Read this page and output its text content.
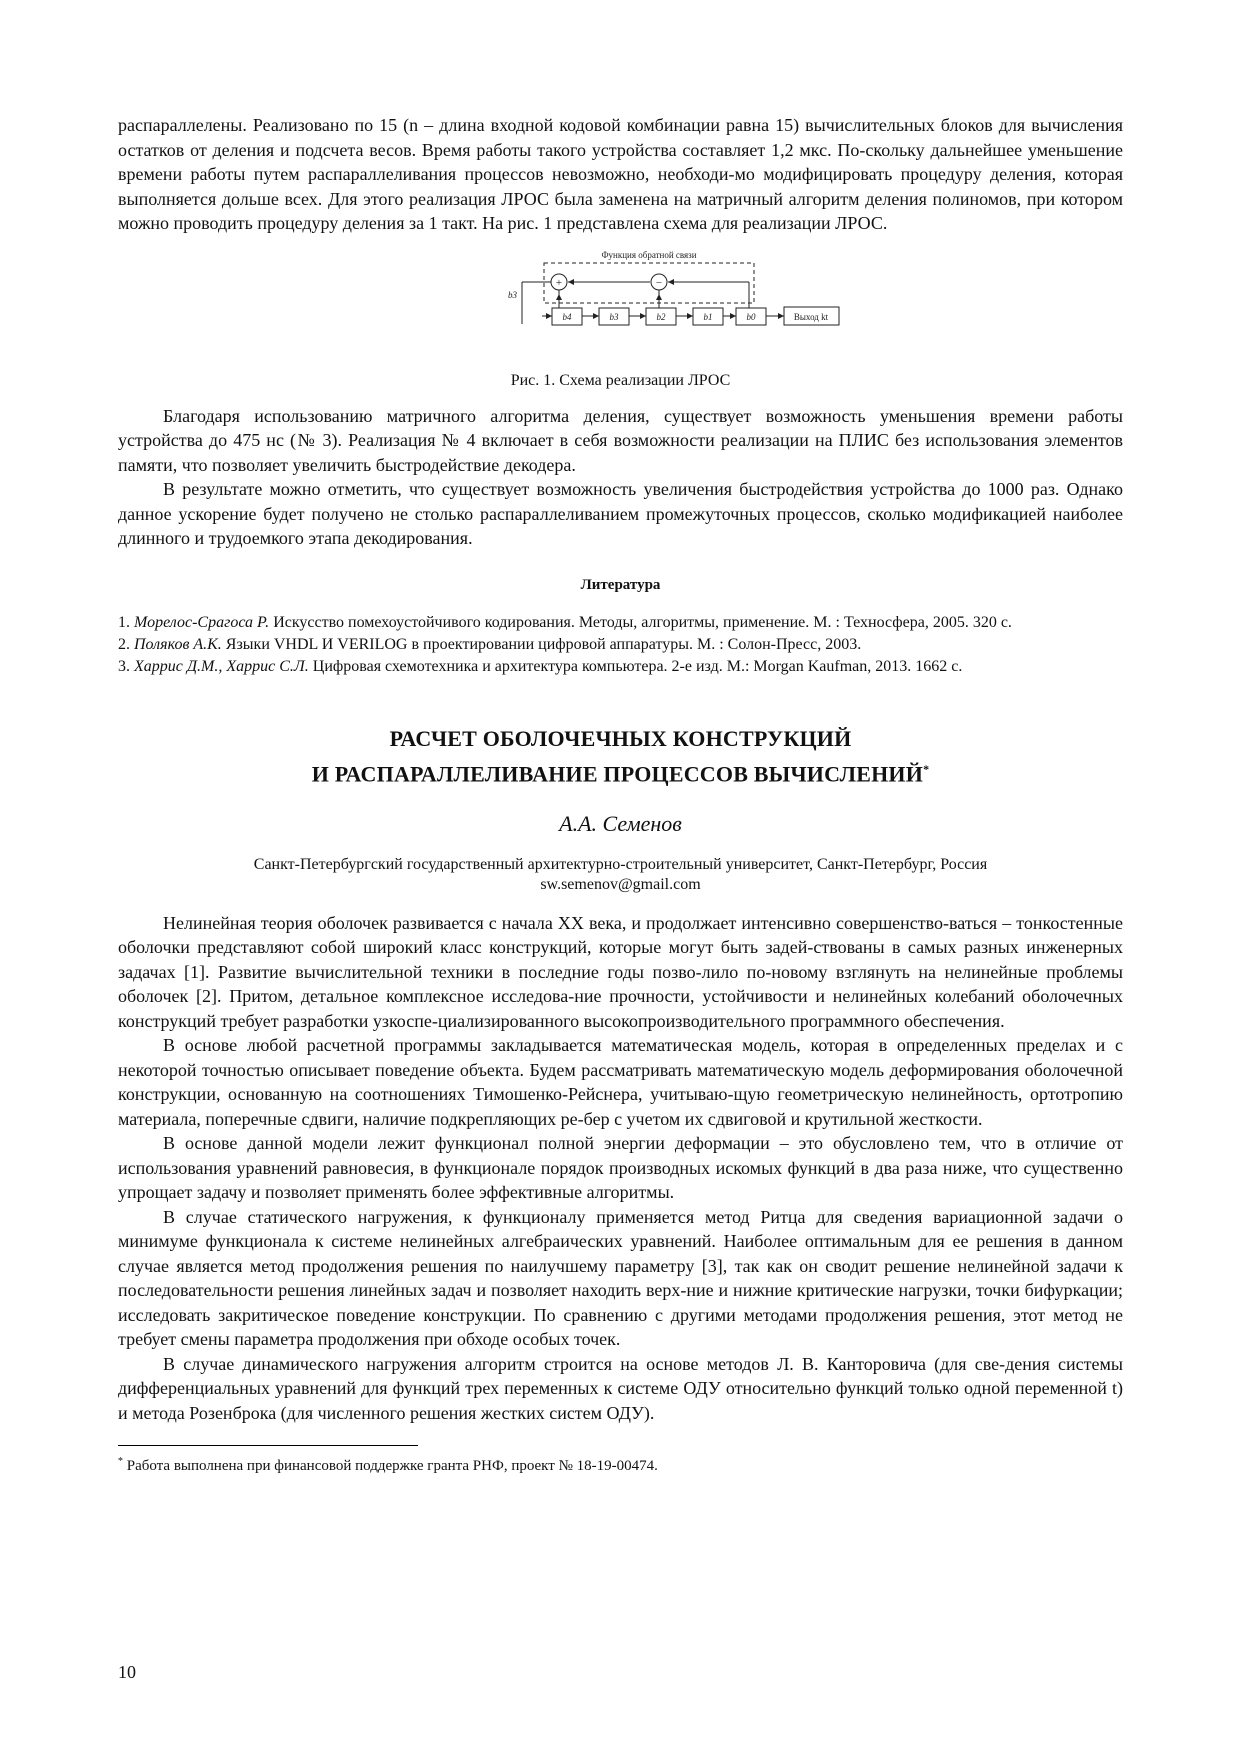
распараллелены. Реализовано по 15 (n – длина входной кодовой комбинации равна 15) вычислительных блоков для вычисления остатков от деления и подсчета весов. Время работы такого устройства составляет 1,2 мкс. По-скольку дальнейшее уменьшение времени работы путем распараллеливания процессов невозможно, необходи-мо модифицировать процедуру деления, которая выполняется дольше всех. Для этого реализация ЛРОС была заменена на матричный алгоритм деления полиномов, при котором можно проводить процедуру деления за 1 такт. На рис. 1 представлена схема для реализации ЛРОС.

Функция обратной связи
b3
+	−
b4	b3	b2	b1	b0	Выход kt
Рис. 1. Схема реализации ЛРОС

Благодаря использованию матричного алгоритма деления, существует возможность уменьшения времени работы устройства до 475 нс (№ 3). Реализация № 4 включает в себя возможности реализации на ПЛИС без использования элементов памяти, что позволяет увеличить быстродействие декодера.

В результате можно отметить, что существует возможность увеличения быстродействия устройства до 1000 раз. Однако данное ускорение будет получено не столько распараллеливанием промежуточных процессов, сколько модификацией наиболее длинного и трудоемкого этапа декодирования.

Литература
1. Морелос-Срагоса Р. Искусство помехоустойчивого кодирования. Методы, алгоритмы, применение. М. : Техносфера, 2005. 320 с.
2. Поляков А.К. Языки VHDL И VERILOG в проектировании цифровой аппаратуры. М. : Солон-Пресс, 2003.
3. Харрис Д.М., Харрис С.Л. Цифровая схемотехника и архитектура компьютера. 2-е изд. М.: Morgan Kaufman, 2013. 1662 с.
РАСЧЕТ ОБОЛОЧЕЧНЫХ КОНСТРУКЦИЙ
И РАСПАРАЛЛЕЛИВАНИЕ ПРОЦЕССОВ ВЫЧИСЛЕНИЙ*
А.А. Семенов
Санкт-Петербургский государственный архитектурно-строительный университет, Санкт-Петербург, Россия
sw.semenov@gmail.com

Нелинейная теория оболочек развивается с начала XX века, и продолжает интенсивно совершенство-ваться – тонкостенные оболочки представляют собой широкий класс конструкций, которые могут быть задей-ствованы в самых разных инженерных задачах [1]. Развитие вычислительной техники в последние годы позво-лило по-новому взглянуть на нелинейные проблемы оболочек [2]. Притом, детальное комплексное исследова-ние прочности, устойчивости и нелинейных колебаний оболочечных конструкций требует разработки узкоспе-циализированного высокопроизводительного программного обеспечения.

В основе любой расчетной программы закладывается математическая модель, которая в определенных пределах и с некоторой точностью описывает поведение объекта. Будем рассматривать математическую модель деформирования оболочечной конструкции, основанную на соотношениях Тимошенко-Рейснера, учитываю-щую геометрическую нелинейность, ортотропию материала, поперечные сдвиги, наличие подкрепляющих ре-бер с учетом их сдвиговой и крутильной жесткости.

В основе данной модели лежит функционал полной энергии деформации – это обусловлено тем, что в отличие от использования уравнений равновесия, в функционале порядок производных искомых функций в два раза ниже, что существенно упрощает задачу и позволяет применять более эффективные алгоритмы.

В случае статического нагружения, к функционалу применяется метод Ритца для сведения вариационной задачи о минимуме функционала к системе нелинейных алгебраических уравнений. Наиболее оптимальным для ее решения в данном случае является метод продолжения решения по наилучшему параметру [3], так как он сводит решение нелинейной задачи к последовательности решения линейных задач и позволяет находить верх-ние и нижние критические нагрузки, точки бифуркации; исследовать закритическое поведение конструкции. По сравнению с другими методами продолжения решения, этот метод не требует смены параметра продолжения при обходе особых точек.

В случае динамического нагружения алгоритм строится на основе методов Л. В. Канторовича (для све-дения системы дифференциальных уравнений для функций трех переменных к системе ОДУ относительно функций только одной переменной t) и метода Розенброка (для численного решения жестких систем ОДУ).

* Работа выполнена при финансовой поддержке гранта РНФ, проект № 18-19-00474.
10
